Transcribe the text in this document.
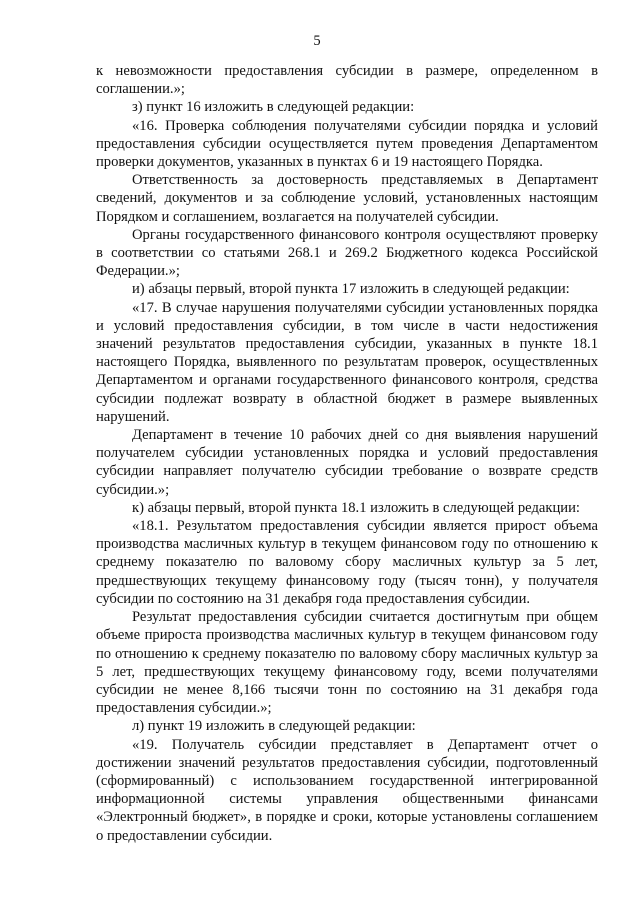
5

к невозможности предоставления субсидии в размере, определенном в соглашении.»;

з) пункт 16 изложить в следующей редакции:

«16. Проверка соблюдения получателями субсидии порядка и условий предоставления субсидии осуществляется путем проведения Департаментом проверки документов, указанных в пунктах 6 и 19 настоящего Порядка.

Ответственность за достоверность представляемых в Департамент сведений, документов и за соблюдение условий, установленных настоящим Порядком и соглашением, возлагается на получателей субсидии.

Органы государственного финансового контроля осуществляют проверку в соответствии со статьями 268.1 и 269.2 Бюджетного кодекса Российской Федерации.»;

и) абзацы первый, второй пункта 17 изложить в следующей редакции:

«17. В случае нарушения получателями субсидии установленных порядка и условий предоставления субсидии, в том числе в части недостижения значений результатов предоставления субсидии, указанных в пункте 18.1 настоящего Порядка, выявленного по результатам проверок, осуществленных Департаментом и органами государственного финансового контроля, средства субсидии подлежат возврату в областной бюджет в размере выявленных нарушений.

Департамент в течение 10 рабочих дней со дня выявления нарушений получателем субсидии установленных порядка и условий предоставления субсидии направляет получателю субсидии требование о возврате средств субсидии.»;

к) абзацы первый, второй пункта 18.1 изложить в следующей редакции:

«18.1. Результатом предоставления субсидии является прирост объема производства масличных культур в текущем финансовом году по отношению к среднему показателю по валовому сбору масличных культур за 5 лет, предшествующих текущему финансовому году (тысяч тонн), у получателя субсидии по состоянию на 31 декабря года предоставления субсидии.

Результат предоставления субсидии считается достигнутым при общем объеме прироста производства масличных культур в текущем финансовом году по отношению к среднему показателю по валовому сбору масличных культур за 5 лет, предшествующих текущему финансовому году, всеми получателями субсидии не менее 8,166 тысячи тонн по состоянию на 31 декабря года предоставления субсидии.»;

л) пункт 19 изложить в следующей редакции:

«19. Получатель субсидии представляет в Департамент отчет о достижении значений результатов предоставления субсидии, подготовленный (сформированный) с использованием государственной интегрированной информационной системы управления общественными финансами «Электронный бюджет», в порядке и сроки, которые установлены соглашением о предоставлении субсидии.
